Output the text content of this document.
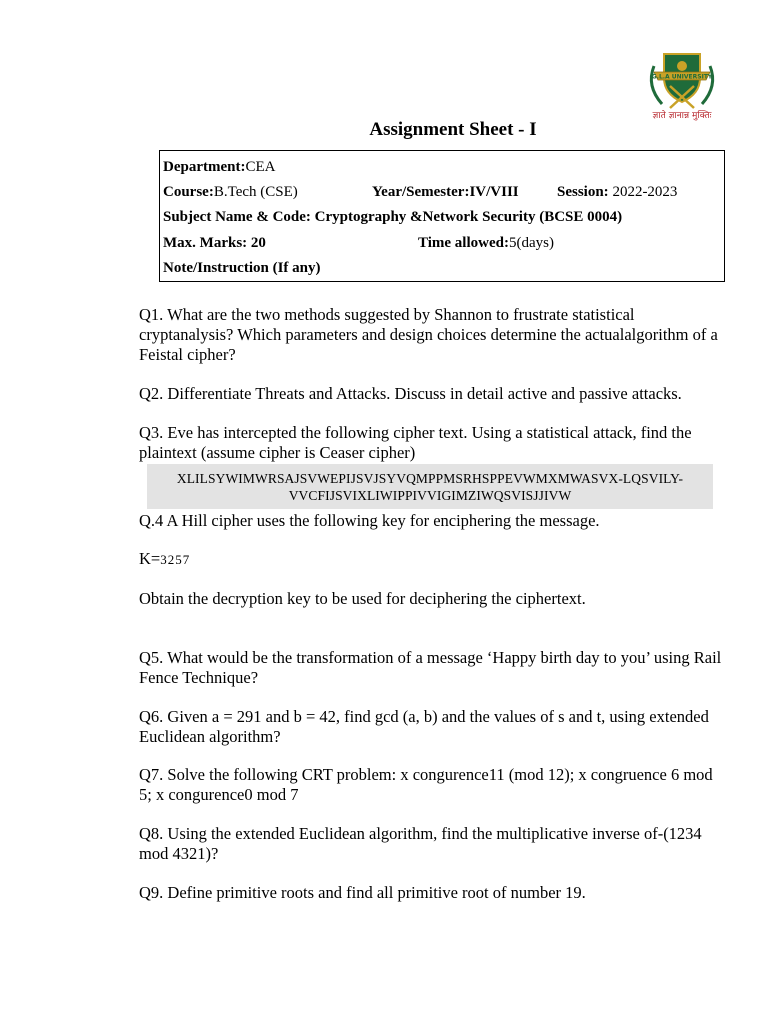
G.L.A UNIVERSITY
ज्ञाते ज्ञानान्न मुक्तिः
Assignment Sheet - I
Department:CEA
Course:B.Tech (CSE)	Year/Semester:IV/VIII	Session: 2022-2023
Subject Name & Code: Cryptography &Network Security (BCSE 0004)
Max. Marks: 20	Time allowed:5(days)
Note/Instruction (If any)

Q1. What are the two methods suggested by Shannon to frustrate statistical cryptanalysis? Which parameters and design choices determine the actualalgorithm of a Feistal cipher?

Q2. Differentiate Threats and Attacks. Discuss in detail active and passive attacks.

Q3. Eve has intercepted the following cipher text. Using a statistical attack, find the plaintext (assume cipher is Ceaser cipher)

XLILSYWIMWRSAJSVWEPIJSVJSYVQMPPMSRHSPPEVWMXMWASVX-LQSVILY-
VVCFIJSVIXLIWIPPIVVIGIMZIWQSVISJJIVW

Q.4 A Hill cipher uses the following key for enciphering the message.

K=3257

Obtain the decryption key to be used for deciphering the ciphertext.

Q5. What would be the transformation of a message ‘Happy birth day to you’ using Rail Fence Technique?

Q6. Given a = 291 and b = 42, find gcd (a, b) and the values of s and t, using extended Euclidean algorithm?

Q7. Solve the following CRT problem: x congurence11 (mod 12); x congruence 6 mod 5; x congurence0 mod 7

Q8. Using the extended Euclidean algorithm, find the multiplicative inverse of-(1234 mod 4321)?

Q9. Define primitive roots and find all primitive root of number 19.
